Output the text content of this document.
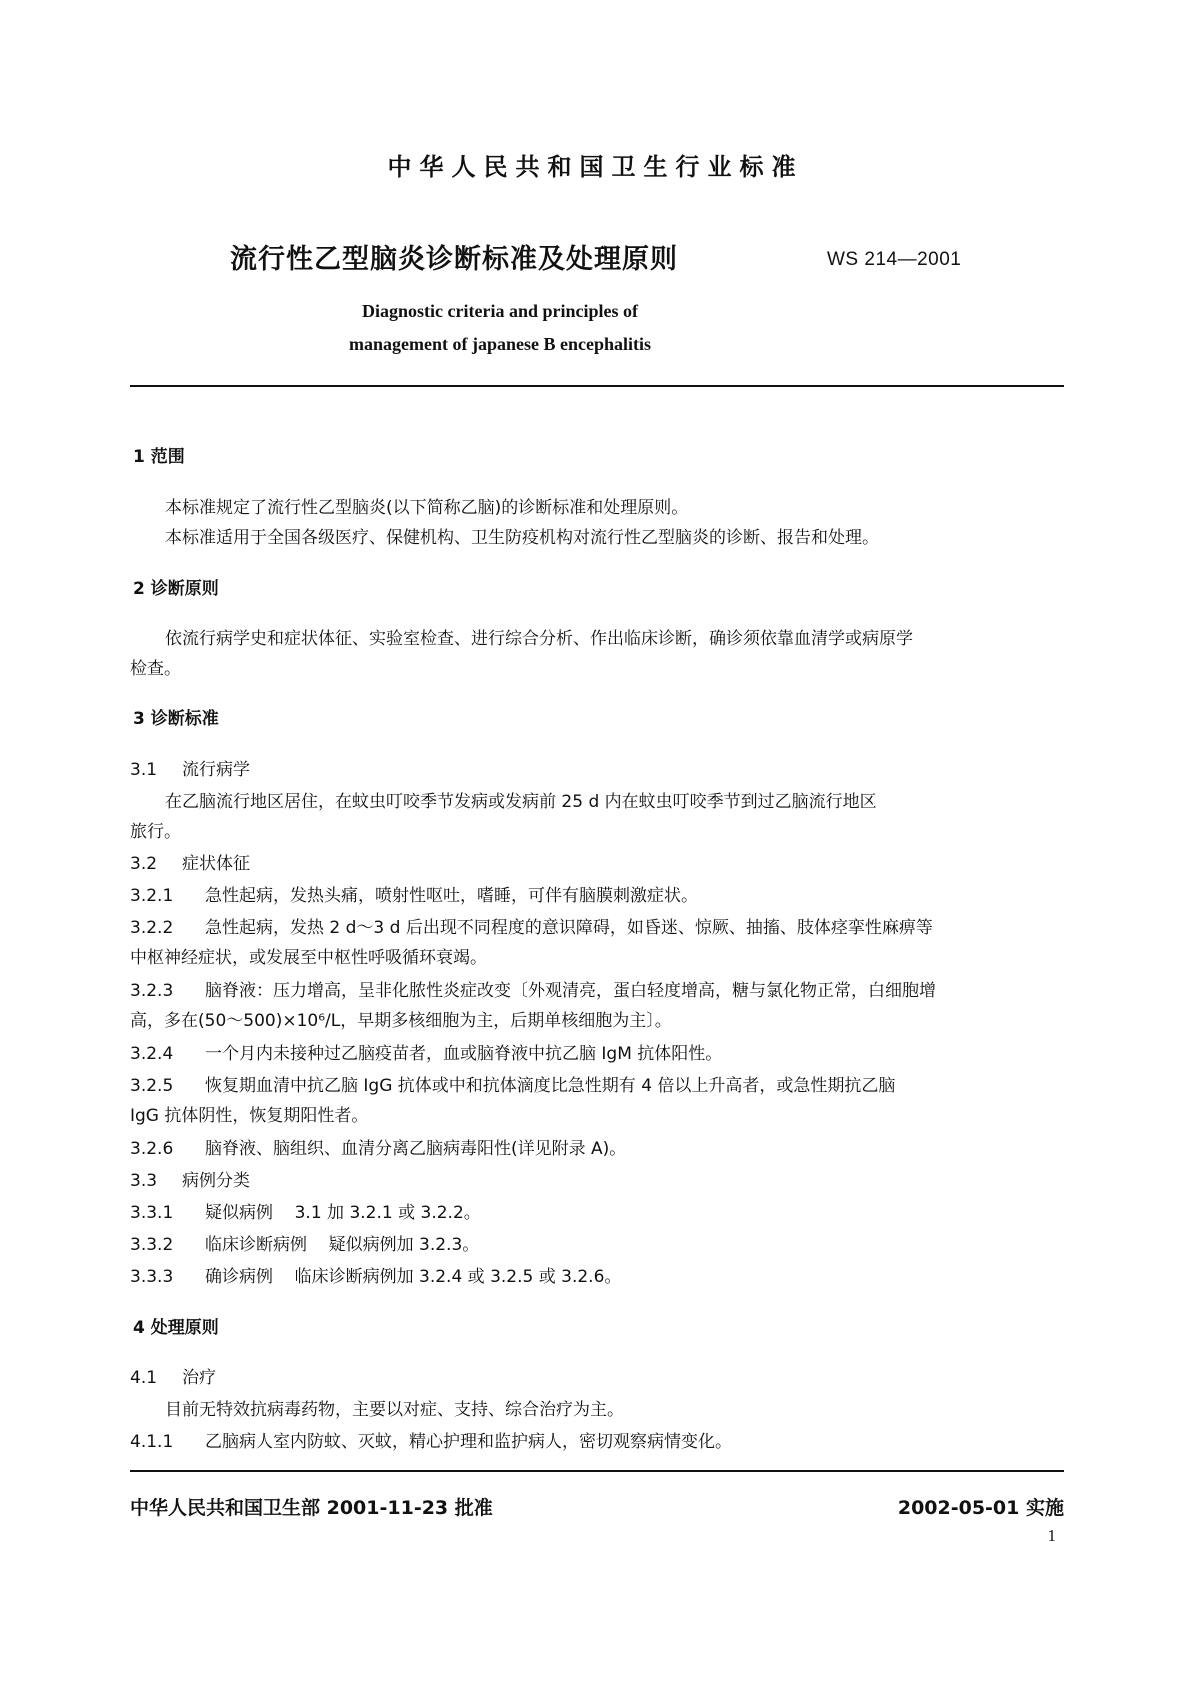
中华人民共和国卫生行业标准
流行性乙型脑炎诊断标准及处理原则	WS 214—2001
Diagnostic criteria and principles of
management of japanese B encephalitis
1 范围
本标准规定了流行性乙型脑炎(以下简称乙脑)的诊断标准和处理原则。
本标准适用于全国各级医疗、保健机构、卫生防疫机构对流行性乙型脑炎的诊断、报告和处理。
2 诊断原则
依流行病学史和症状体征、实验室检查、进行综合分析、作出临床诊断，确诊须依靠血清学或病原学
检查。
3 诊断标准
3.1 流行病学
在乙脑流行地区居住，在蚊虫叮咬季节发病或发病前 25 d 内在蚊虫叮咬季节到过乙脑流行地区
旅行。
3.2 症状体征
3.2.1 急性起病，发热头痛，喷射性呕吐，嗜睡，可伴有脑膜刺激症状。
3.2.2 急性起病，发热 2 d～3 d 后出现不同程度的意识障碍，如昏迷、惊厥、抽搐、肢体痉挛性麻痹等
中枢神经症状，或发展至中枢性呼吸循环衰竭。
3.2.3 脑脊液：压力增高，呈非化脓性炎症改变〔外观清亮，蛋白轻度增高，糖与氯化物正常，白细胞增
高，多在(50～500)×10⁶/L，早期多核细胞为主，后期单核细胞为主〕。
3.2.4 一个月内未接种过乙脑疫苗者，血或脑脊液中抗乙脑 IgM 抗体阳性。
3.2.5 恢复期血清中抗乙脑 IgG 抗体或中和抗体滴度比急性期有 4 倍以上升高者，或急性期抗乙脑
IgG 抗体阴性，恢复期阳性者。
3.2.6 脑脊液、脑组织、血清分离乙脑病毒阳性(详见附录 A)。
3.3 病例分类
3.3.1 疑似病例    3.1 加 3.2.1 或 3.2.2。
3.3.2 临床诊断病例    疑似病例加 3.2.3。
3.3.3 确诊病例    临床诊断病例加 3.2.4 或 3.2.5 或 3.2.6。
4 处理原则
4.1 治疗
目前无特效抗病毒药物，主要以对症、支持、综合治疗为主。
4.1.1 乙脑病人室内防蚊、灭蚊，精心护理和监护病人，密切观察病情变化。
中华人民共和国卫生部 2001-11-23 批准	2002-05-01 实施
1
